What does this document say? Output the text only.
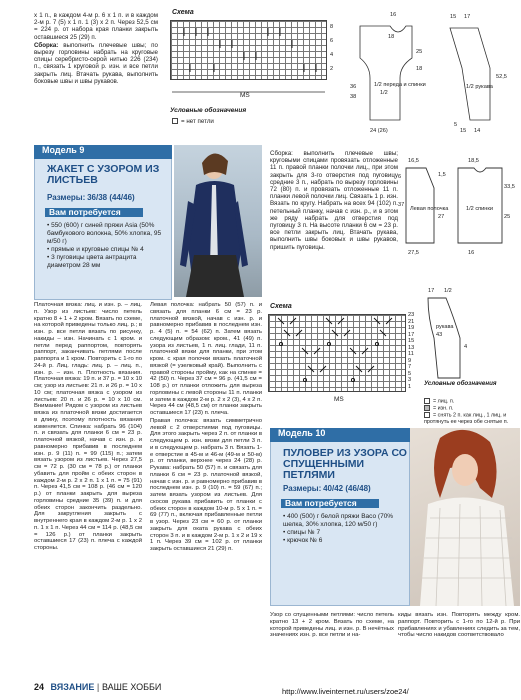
х 1 п., в каждом 4-м р. 6 х 1 п. и в каждом 2-м р. 7 (5) х 1 п. 1 (3) х 2 п. Через 52,5 см = 224 р. от набора края планки закрыть оставшиеся 25 (29) п.
Сборка: выполнить плечевые швы; по вырезу горловины набрать на круговые спицы серебристо-серой нитью 226 (234) п., связать 1 круговой р. изн. и все петли закрыть лиц. Втачать рукава, выполнить боковые швы и швы рукавов.
Схема
8
6
4
2
MS
Условные обозначения
= нет петли
16
18
25
18
1/2 переда и спинки
1/2
52,5
15 17
1/2 рукава
5
36
38
24 (26)	15 14
Модель 9
ЖАКЕТ С УЗОРОМ ИЗ ЛИСТЬЕВ
Размеры: 36/38 (44/46)
Вам потребуется
• 550 (600) г синей пряжи Asia (50% бамбукового волокна, 50% хлопка, 95 м/50 г)
• прямые и круговые спицы № 4
• 3 пуговицы цвета антрацита диаметром 28 мм
Сборка: выполнить плечевые швы; круговыми спицами провязать отложенные 11 п. правой планки полочки лиц., при этом закрыть для 3-го отверстия под пуговицу средние 3 п., набрать по вырезу горловины 72 (80) п. и провязать отложенные 11 п. планки левой полочки лиц. Связать 1 р. изн. Вязать по кругу. Набрать на всех 94 (102) п. петельный планку, начав с изн. р., и в этом же ряду набрать для отверстия под пуговицу 3 п. На высоте планки 6 см = 23 р. все петли закрыть лиц. Втачать рукава, выполнить швы боковых и швы рукавов, пришить пуговицы.
16,5	18,5
6
37
1,5
27
Левая полочка	1/2 спинки
33,5
25
27,5	16
17 1/2
рукава
43
4
Схема
23
21
19
17
15
13
11
9
7
5
3
1
MS
Условные обозначения
= лиц. п.
= изн. п.
= снять 2 п. как лиц., 1 лиц. и протянуть ее через обе снятые п.
Платочная вязка: лиц. и изн. р. – лиц. п. Узор из листьев: число петель кратно 8 + 1 + 2 кром. Вязать по схеме, на которой приведены только лиц. р.; в изн. р. все петли вязать по рисунку, накиды – изн. Начинать с 1 кром. и петли перед раппортом, повторять раппорт, заканчивать петлями после раппорта и 1 кром. Повторить с 1-го по 24-й р. Лиц. гладь: лиц. р. – лиц. п., изн. р. – изн. п. Плотность вязания. Платочная вязка: 19 п. и 37 р. = 10 х 10 см; узор из листьев: 21 п. и 26 р. = 10 х 10 см; платочная вязка с узором из листьев: 20 п. и 26 р. = 10 х 10 см. Внимание! Рядом с узором из листьев вязка из платочной вязки достигается в длину, поэтому плотность вязания изменяется. Спинка: набрать 96 (104) п. и связать для планки 6 см = 23 р. платочной вязкой, начав с изн. р. и равномерно прибавив в последнем изн. р. 9 (11) п. = 99 (115) п.; затем вязать узором из листьев. Через 27,5 см = 72 р. (30 см = 78 р.) от планки убавить для пройм с обеих сторон в каждом 2-м р. 2 х 2 п. 1 х 1 п. = 75 (91) п. Через 41,5 см = 108 р. (46 см = 120 р.) от планки закрыть для выреза горловины средние 35 (39) п. и для обеих сторон закончить раздельно. Для закругления закрыть с внутреннего края в каждом 2-м р. 1 х 2 п. 1 х 1 п. Через 44 см = 114 р. (48,5 см = 126 р.) от планки закрыть оставшиеся 17 (23) п. плеча с каждой стороны.
Левая полочка: набрать 50 (57) п. и связать для планки 6 см = 23 р. платочной вязкой, начав с изн. р. и равномерно прибавив в последнем изн. р. 4 (5) п. = 54 (62) п. Затем вязать следующим образом: кром., 41 (49) п. узора из листьев, 1 п. лиц. глади, 11 п. платочной вязки для планки, при этом кром. с края полочки вязать платочной вязкой (= узелковый край). Выполнить с правой стороны пройму, как на спинке = 42 (50) п. Через 37 см = 96 р. (41,5 см = 108 р.) от планки отложить для выреза горловины с левой стороны 11 п. планки и затем в каждом 2-м р. 2 х 2 (3), 4 х 2 п. Через 44 см (48,5 см) от планки закрыть оставшиеся 17 (23) п. плеча.
Правая полочка: вязать симметрично левой с 2 отверстиями под пуговицы. Для этого закрыть через 2 п. от планки в следующем р. изн. вязки для петли 3 п. и в следующем р. набрать 3 п. Вязать 1-е отверстие в 45-м и 46-м (49-м и 50-м) р. от планки, верхнее через 24 (28) р. Рукава: набрать 50 (57) п. и связать для планки 6 см = 23 р. платочной вязкой, начав с изн. р. и равномерно прибавив в последнем изн. р. 9 (10) п. = 59 (67) п.; затем вязать узором из листьев. Для скосов рукава прибавить от планки с обеих сторон в каждом 10-м р. 5 х 1 п. = 69 (77) п., включая прибавленные петли в узор. Через 23 см = 60 р. от планки закрыть для оката рукава с обеих сторон 3 п. и в каждом 2-м р. 1 х 2 и 19 х 1 п. Через 39 см = 102 р. от планки закрыть оставшиеся 21 (29) п.
Модель 10
ПУЛОВЕР ИЗ УЗОРА СО СПУЩЕННЫМИ ПЕТЛЯМИ
Размеры: 40/42 (46/48)
Вам потребуется
• 400 (500) г белой пряжи Васо (70% шелка, 30% хлопка, 120 м/50 г)
• спицы № 7
• крючок № 6
Узор со спущенными петлями: число петель кратно 13 + 2 кром. Вязать по схеме, на которой приведены лиц. и изн. р. В нечётных значениях изн. р. все петли и на-
киды вязать изн. Повторять между кром. раппорт. Повторить с 1-го по 12-й р. При прибавлениях и убавлениях следить за тем, чтобы число накидов соответствовало
24 ВЯЗАНИЕ | ВАШЕ ХОББИ	http://www.liveinternet.ru/users/zoe24/
